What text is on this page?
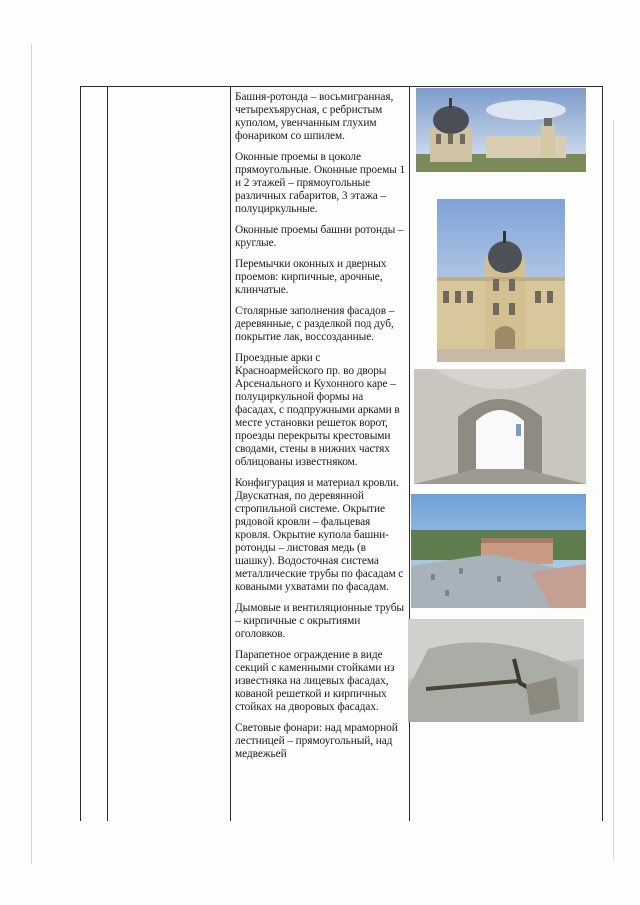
Башня-ротонда – восьмигранная, четырехъярусная, с ребристым куполом, увенчанным глухим фонариком со шпилем.

Оконные проемы в цоколе прямоугольные. Оконные проемы 1 и 2 этажей – прямоугольные различных габаритов, 3 этажа – полуциркульные.

Оконные проемы башни ротонды – круглые.

Перемычки оконных и дверных проемов: кирпичные, арочные, клинчатые.

Столярные заполнения фасадов – деревянные, с разделкой под дуб, покрытие лак, воссозданные.

Проездные арки с Красноармейского пр. во дворы Арсенального и Кухонного каре – полуциркульной формы на фасадах, с подпружными арками в месте установки решеток ворот, проезды перекрыты крестовыми сводами, стены в нижних частях облицованы известняком.

Конфигурация и материал кровли. Двускатная, по деревянной стропильной системе. Окрытие рядовой кровли – фальцевая кровля. Окрытие купола башни-ротонды – листовая медь (в шашку). Водосточная система металлические трубы по фасадам с коваными ухватами по фасадам.

Дымовые и вентиляционные трубы – кирпичные с окрытиями оголовков.

Парапетное ограждение в виде секций с каменными стойками из известняка на лицевых фасадах, кованой решеткой и кирпичных стойках на дворовых фасадах.

Световые фонари: над мраморной лестницей – прямоугольный, над медвежьей
